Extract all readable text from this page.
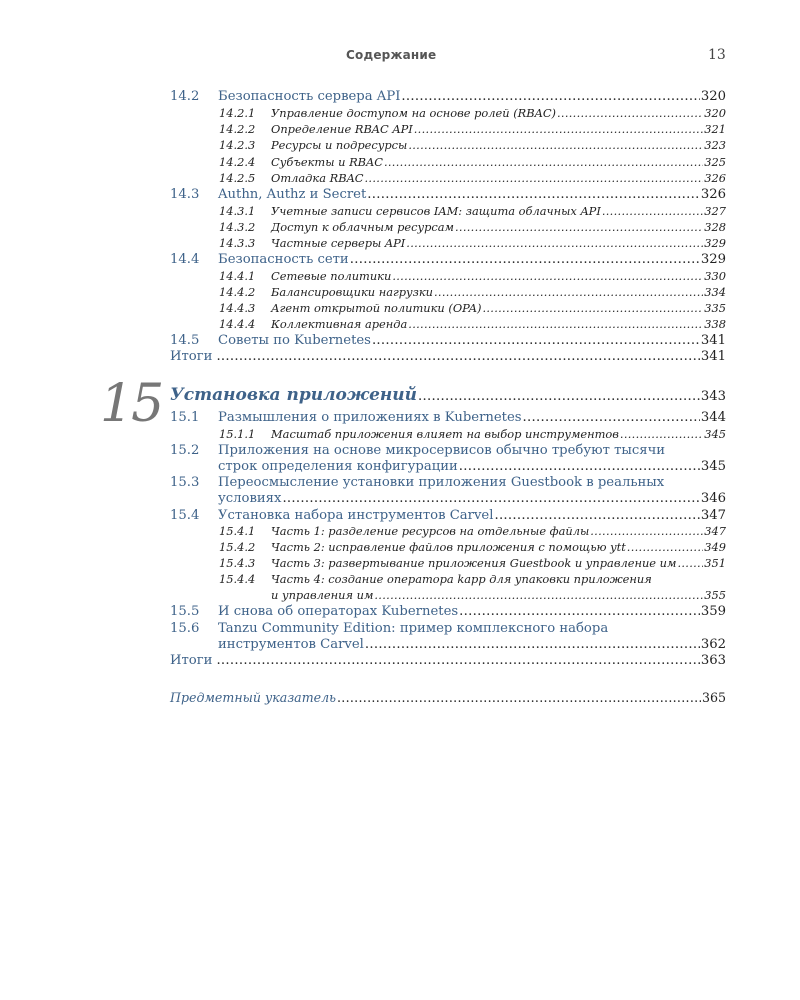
Содержание	13
15
14.2	Безопасность сервера API .....	320
14.2.1	Управление доступом на основе ролей (RBAC) .....	320
14.2.2	Определение RBAC API .....	321
14.2.3	Ресурсы и подресурсы .....	323
14.2.4	Субъекты и RBAC .....	325
14.2.5	Отладка RBAC .....	326
14.3	Authn, Authz и Secret .....	326
14.3.1	Учетные записи сервисов IAM: защита облачных API .....	327
14.3.2	Доступ к облачным ресурсам .....	328
14.3.3	Частные серверы API .....	329
14.4	Безопасность сети .....	329
14.4.1	Сетевые политики .....	330
14.4.2	Балансировщики нагрузки .....	334
14.4.3	Агент открытой политики (OPA) .....	335
14.4.4	Коллективная аренда .....	338
14.5	Советы по Kubernetes .....	341
Итоги .....	341
Установка приложений .....	343
15.1	Размышления о приложениях в Kubernetes .....	344
15.1.1	Масштаб приложения влияет на выбор инструментов .....	345
15.2	Приложения на основе микросервисов обычно требуют тысячи
строк определения конфигурации .....	345
15.3	Переосмысление установки приложения Guestbook в реальных
условиях .....	346
15.4	Установка набора инструментов Carvel .....	347
15.4.1	Часть 1: разделение ресурсов на отдельные файлы .....	347
15.4.2	Часть 2: исправление файлов приложения с помощью ytt .....	349
15.4.3	Часть 3: развертывание приложения Guestbook и управление им ..... 351
15.4.4	Часть 4: создание оператора kapp для упаковки приложения
и управления им .....	355
15.5	И снова об операторах Kubernetes .....	359
15.6	Tanzu Community Edition: пример комплексного набора
инструментов Carvel .....	362
Итоги .....	363
Предметный указатель .....	365
